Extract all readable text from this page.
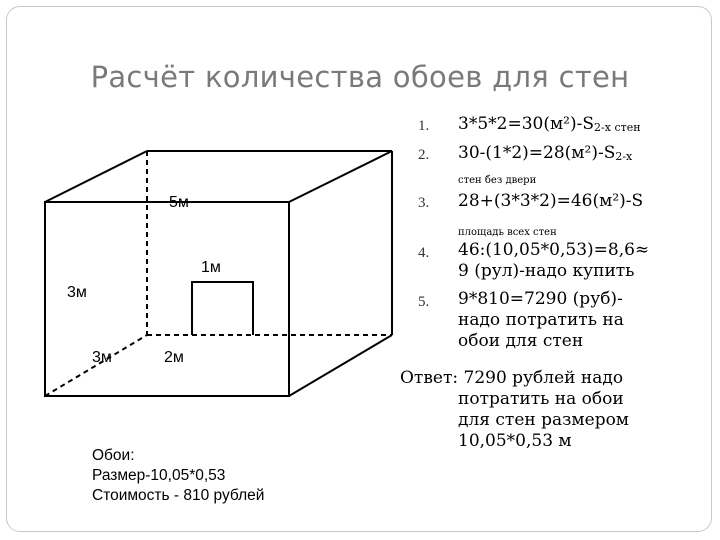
Расчёт количества обоев для стен
5м
1м
3м
3м	2м
Обои:
Размер-10,05*0,53
Стоимость - 810 рублей
1. 3*5*2=30(м²)-S2-х стен
2. 30-(1*2)=28(м²)-S2-х
стен без двери
3. 28+(3*3*2)=46(м²)-S
площадь всех стен
4. 46:(10,05*0,53)=8,6≈
9 (рул)-надо купить
5. 9*810=7290 (руб)-
надо потратить на
обои для стен
Ответ: 7290 рублей надо
потратить на обои
для стен размером
10,05*0,53 м
